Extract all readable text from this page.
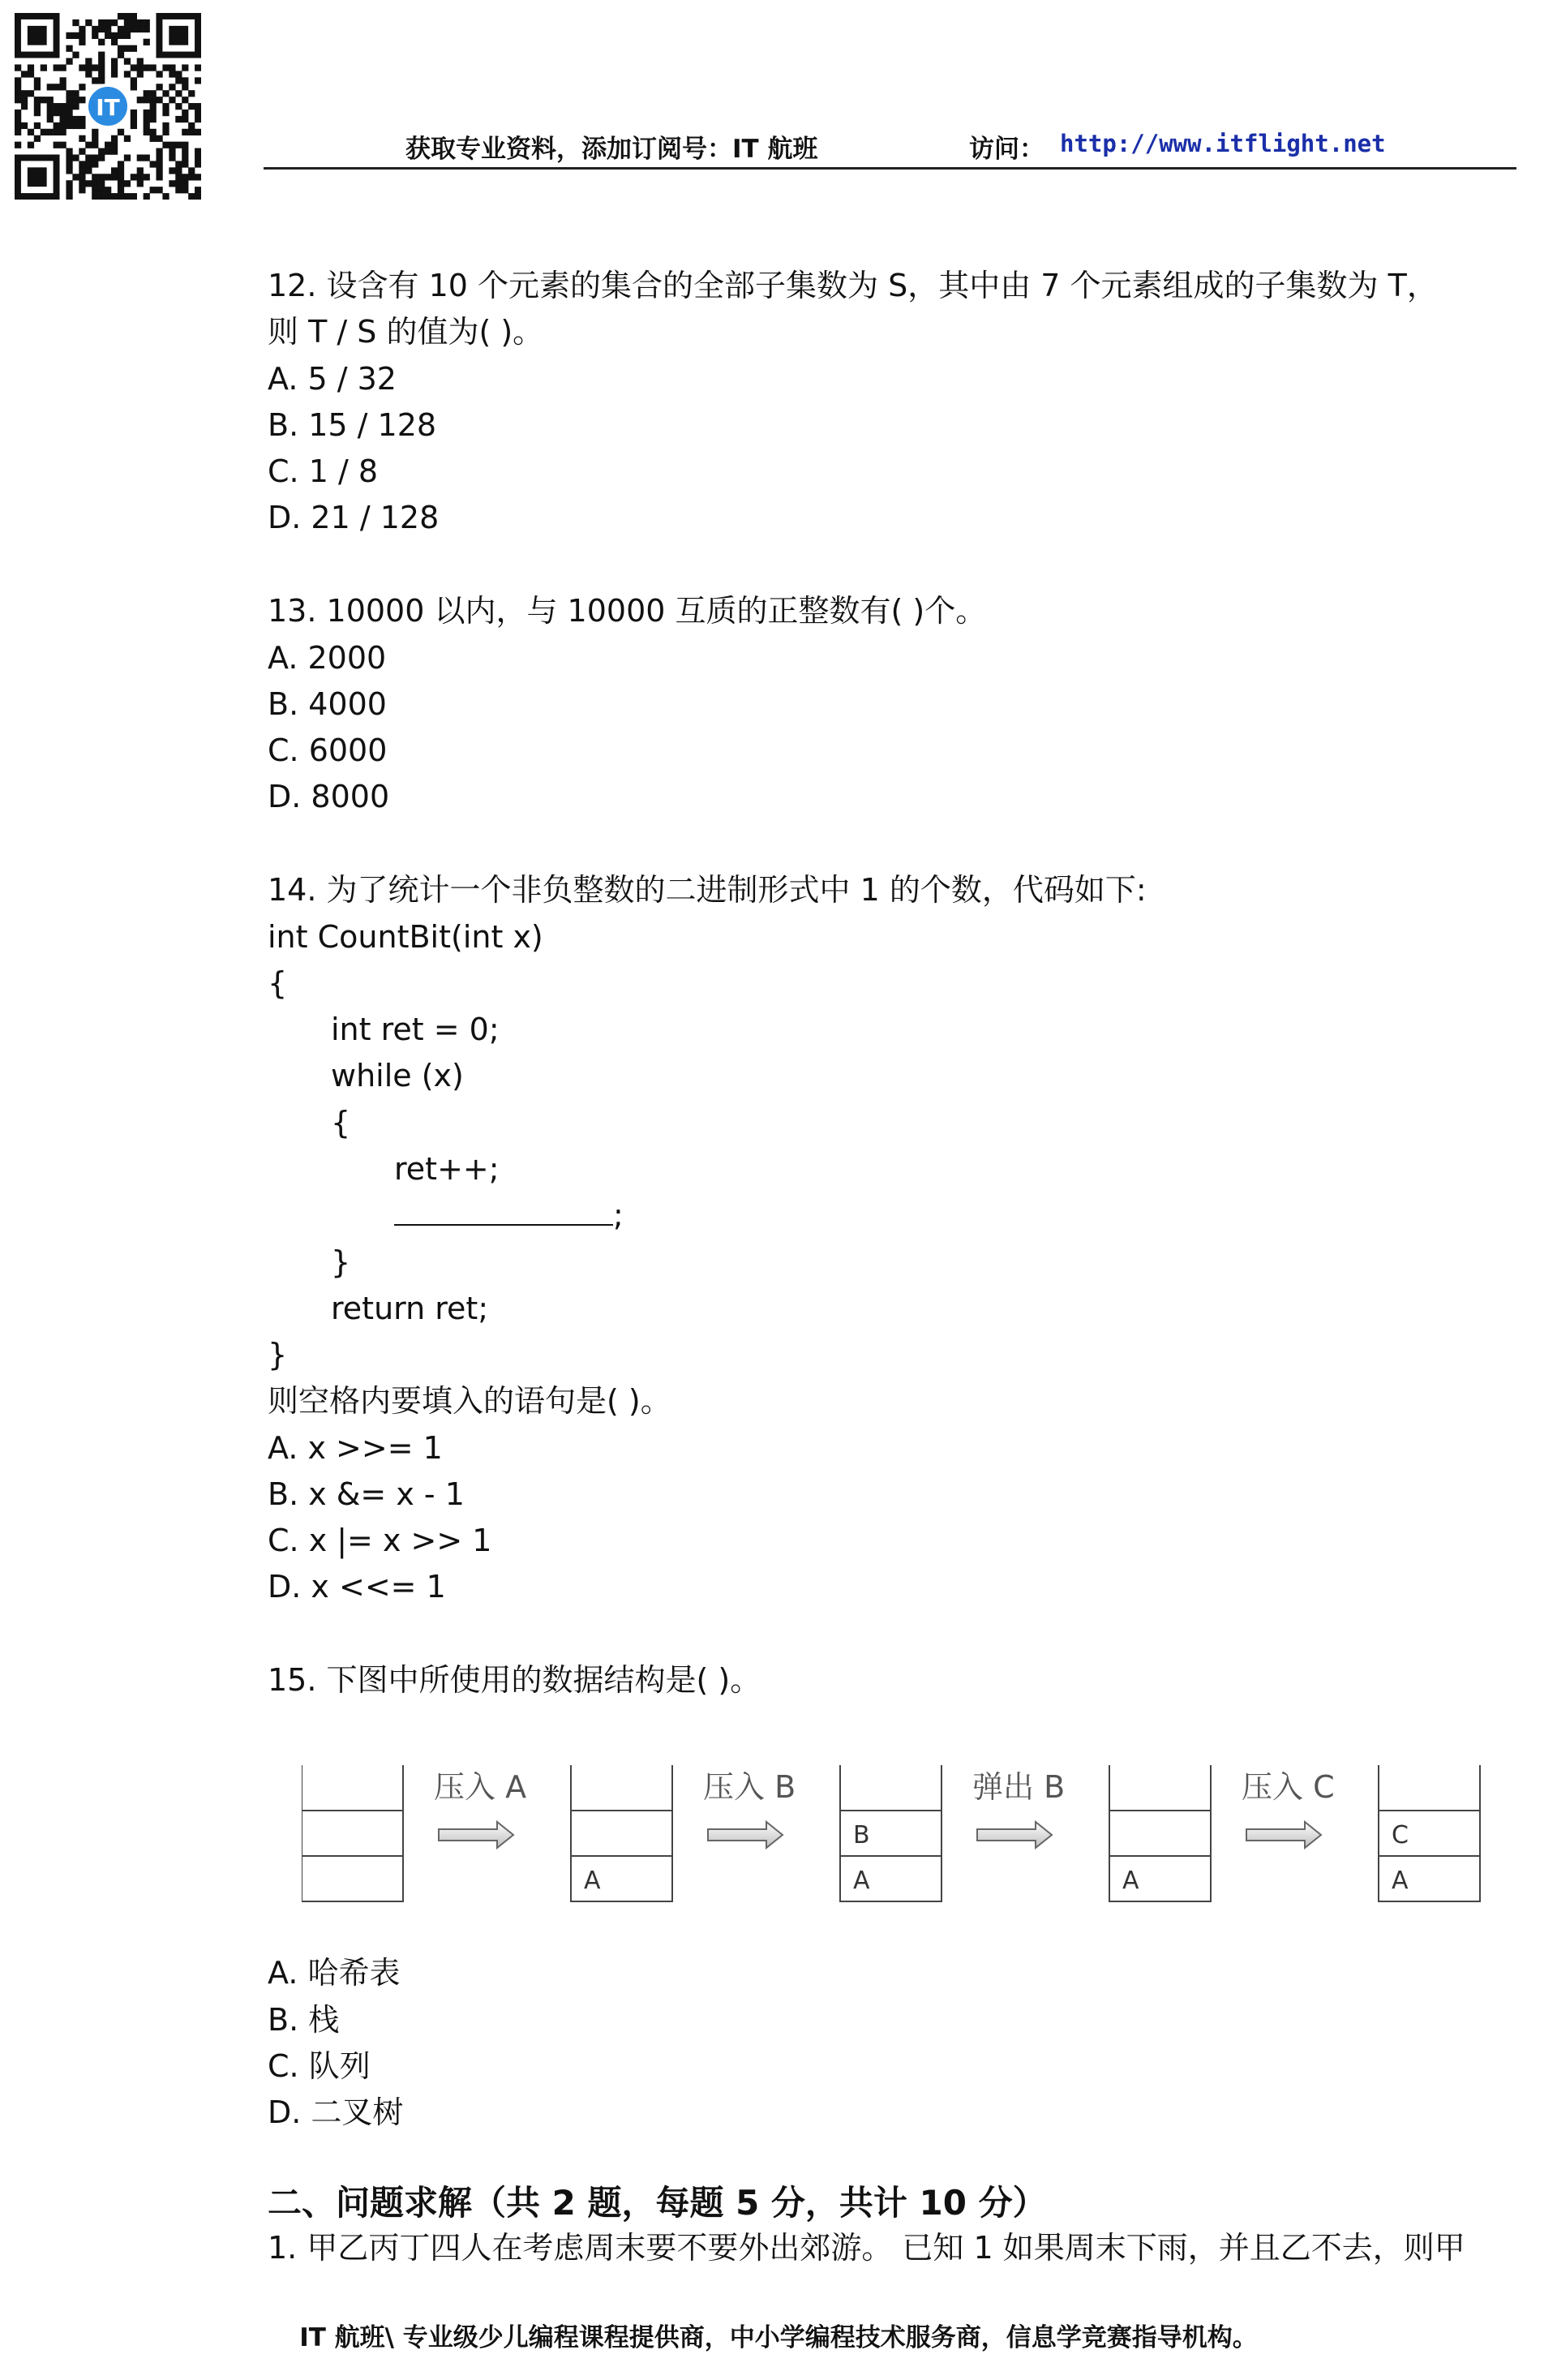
IT
获取专业资料，添加订阅号：IT 航班	访问： http://www.itflight.net
12. 设含有 10 个元素的集合的全部子集数为 S，其中由 7 个元素组成的子集数为 T，
则 T / S 的值为( )。
A. 5 / 32
B. 15 / 128
C. 1 / 8
D. 21 / 128
13. 10000 以内，与 10000 互质的正整数有( )个。
A. 2000
B. 4000
C. 6000
D. 8000
14. 为了统计一个非负整数的二进制形式中 1 的个数，代码如下:
int CountBit(int x)
{
int ret = 0;
while (x)
{
ret++;
;
}
return ret;
}
则空格内要填入的语句是( )。
A. x >>= 1
B. x &= x - 1
C. x |= x >> 1
D. x <<= 1
15. 下图中所使用的数据结构是( )。
A. 哈希表
B. 栈
C. 队列
D. 二叉树
二、问题求解（共 2 题，每题 5 分，共计 10 分）
1. 甲乙丙丁四人在考虑周末要不要外出郊游。 已知 1 如果周末下雨，并且乙不去，则甲
A
B
A	A
C
A
压入 A	压入 B	弹出 B	压入 C
IT 航班\ 专业级少儿编程课程提供商，中小学编程技术服务商，信息学竞赛指导机构。
